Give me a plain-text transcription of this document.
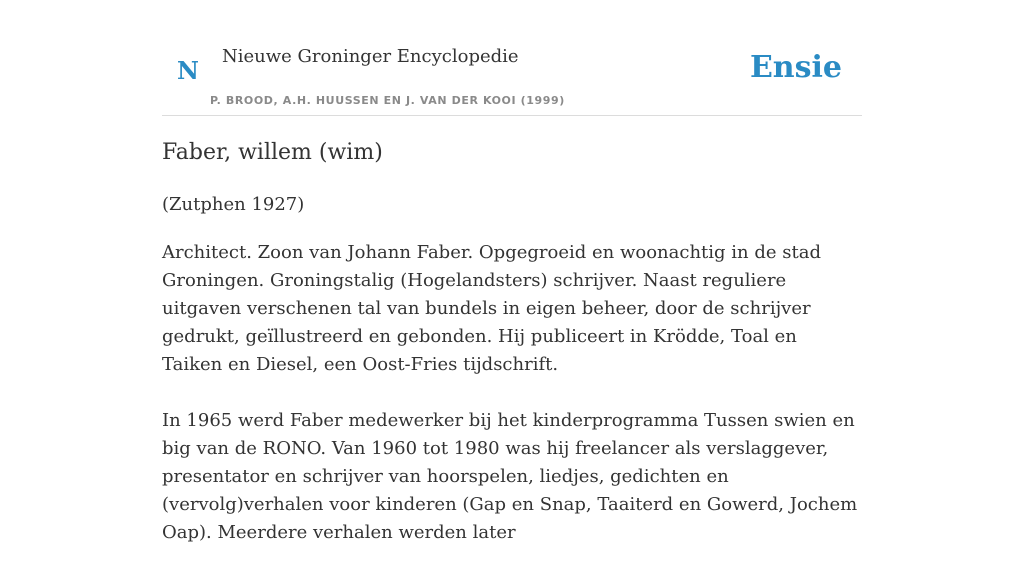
N Nieuwe Groninger Encyclopedie
P. BROOD, A.H. HUUSSEN EN J. VAN DER KOOI (1999)
Ensie
Faber, willem (wim)

(Zutphen 1927)

Architect. Zoon van Johann Faber. Opgegroeid en woonachtig in de stad Groningen. Groningstalig (Hogelandsters) schrijver. Naast reguliere uitgaven verschenen tal van bundels in eigen beheer, door de schrijver gedrukt, geïllustreerd en gebonden. Hij publiceert in Krödde, Toal en Taiken en Diesel, een Oost-Fries tijdschrift.

In 1965 werd Faber medewerker bij het kinderprogramma Tussen swien en big van de RONO. Van 1960 tot 1980 was hij freelancer als verslaggever, presentator en schrijver van hoorspelen, liedjes, gedichten en (vervolg)verhalen voor kinderen (Gap en Snap, Taaiterd en Gowerd, Jochem Oap). Meerdere verhalen werden later
